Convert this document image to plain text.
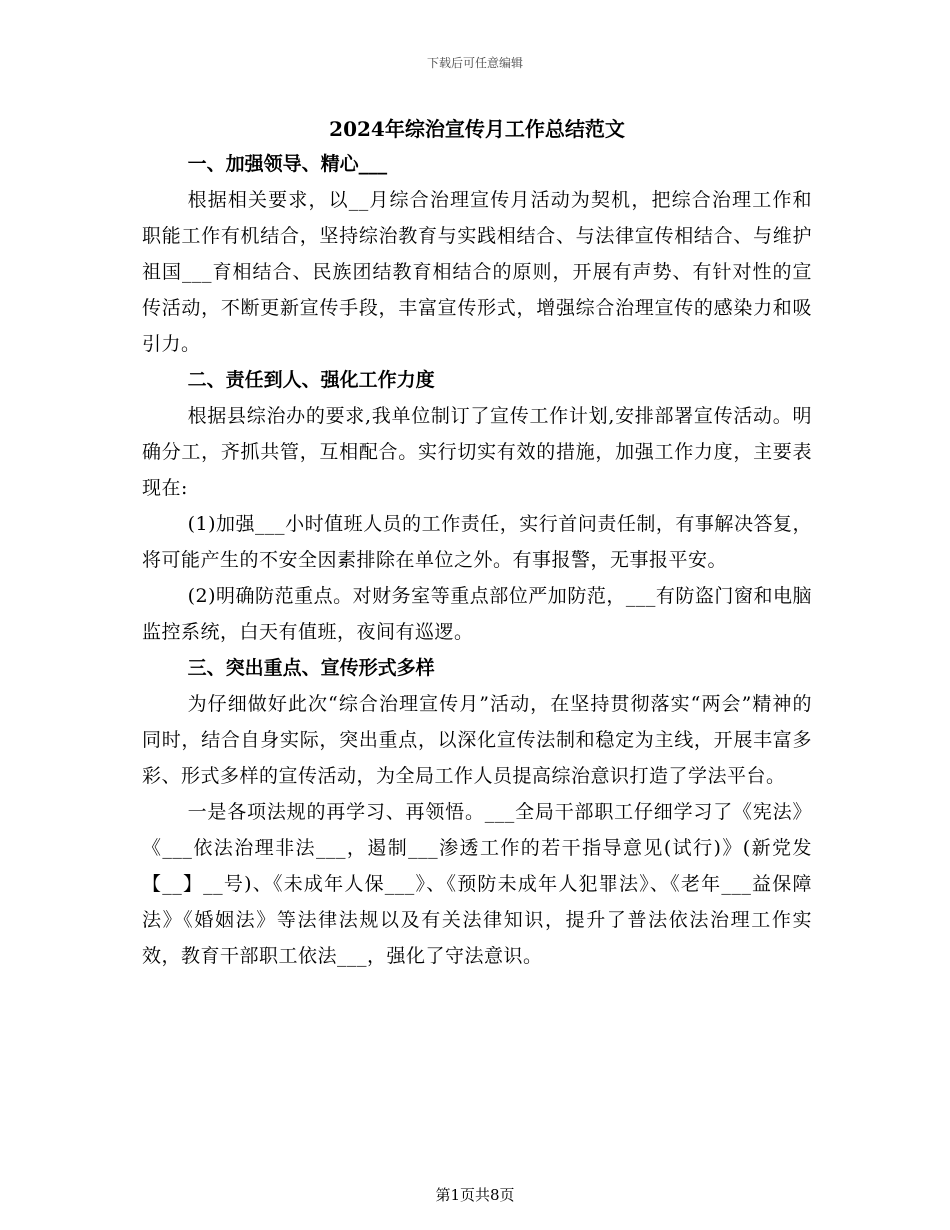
下载后可任意编辑
2024年综治宣传月工作总结范文

一、加强领导、精心___

根据相关要求，以__月综合治理宣传月活动为契机，把综合治理工作和职能工作有机结合，坚持综治教育与实践相结合、与法律宣传相结合、与维护祖国___育相结合、民族团结教育相结合的原则，开展有声势、有针对性的宣传活动，不断更新宣传手段，丰富宣传形式，增强综合治理宣传的感染力和吸引力。

二、责任到人、强化工作力度

根据县综治办的要求,我单位制订了宣传工作计划,安排部署宣传活动。明确分工，齐抓共管，互相配合。实行切实有效的措施，加强工作力度，主要表现在:

(1)加强___小时值班人员的工作责任，实行首问责任制，有事解决答复，将可能产生的不安全因素排除在单位之外。有事报警，无事报平安。

(2)明确防范重点。对财务室等重点部位严加防范，___有防盗门窗和电脑监控系统，白天有值班，夜间有巡逻。

三、突出重点、宣传形式多样

为仔细做好此次“综合治理宣传月”活动，在坚持贯彻落实“两会”精神的同时，结合自身实际，突出重点，以深化宣传法制和稳定为主线，开展丰富多彩、形式多样的宣传活动，为全局工作人员提高综治意识打造了学法平台。

一是各项法规的再学习、再领悟。___全局干部职工仔细学习了《宪法》《___依法治理非法___，遏制___渗透工作的若干指导意见(试行)》(新党发【__】__号)、《未成年人保___》、《预防未成年人犯罪法》、《老年___益保障法》《婚姻法》等法律法规以及有关法律知识，提升了普法依法治理工作实效，教育干部职工依法___，强化了守法意识。

第1页共8页
